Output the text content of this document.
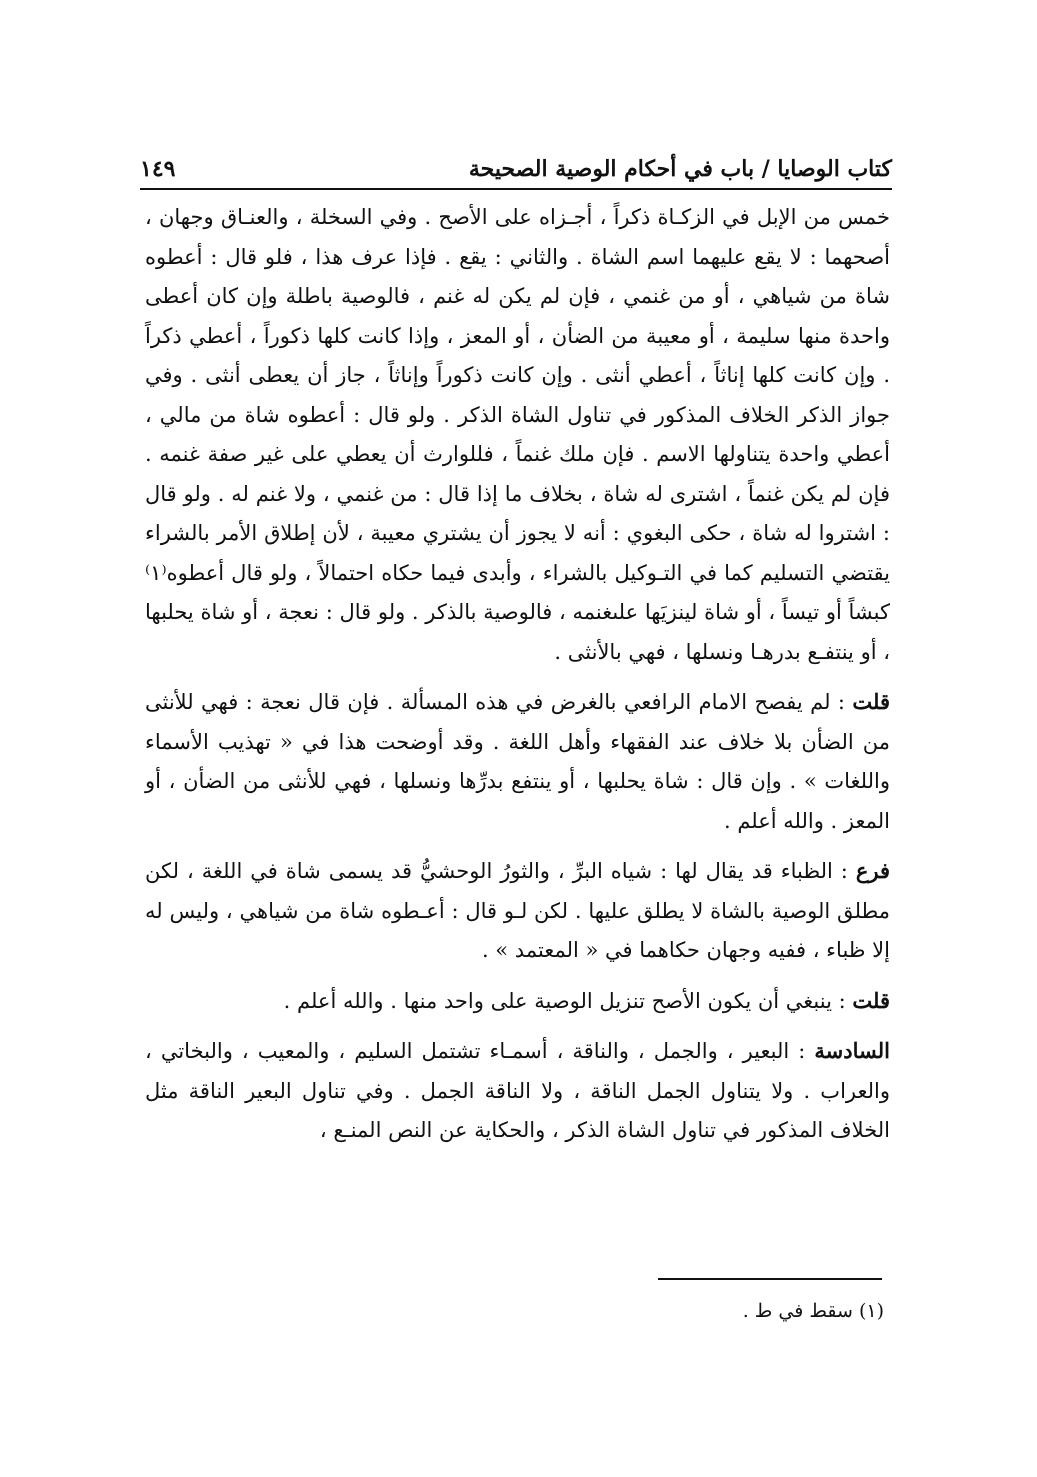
كتاب الوصايا / باب في أحكام الوصية الصحيحة
١٤٩

خمس من الإبل في الزكـاة ذكراً ، أجـزاه على الأصح . وفي السخلة ، والعنـاق وجهان ، أصحهما : لا يقع عليهما اسم الشاة . والثاني : يقع . فإذا عرف هذا ، فلو قال : أعطوه شاة من شياهي ، أو من غنمي ، فإن لم يكن له غنم ، فالوصية باطلة وإن كان أعطى واحدة منها سليمة ، أو معيبة من الضأن ، أو المعز ، وإذا كانت كلها ذكوراً ، أعطي ذكراً . وإن كانت كلها إناثاً ، أعطي أنثى . وإن كانت ذكوراً وإناثاً ، جاز أن يعطى أنثى . وفي جواز الذكر الخلاف المذكور في تناول الشاة الذكر . ولو قال : أعطوه شاة من مالي ، أعطي واحدة يتناولها الاسم . فإن ملك غنماً ، فللوارث أن يعطي على غير صفة غنمه . فإن لم يكن غنماً ، اشترى له شاة ، بخلاف ما إذا قال : من غنمي ، ولا غنم له . ولو قال : اشتروا له شاة ، حكى البغوي : أنه لا يجوز أن يشتري معيبة ، لأن إطلاق الأمر بالشراء يقتضي التسليم كما في التـوكيل بالشراء ، وأبدى فيما حكاه احتمالاً ، ولو قال أعطوه⁽١⁾ كبشاً أو تيساً ، أو شاة لينزيَها علىغنمه ، فالوصية بالذكر . ولو قال : نعجة ، أو شاة يحلبها ، أو ينتفـع بدرهـا ونسلها ، فهي بالأنثى .

قلت : لم يفصح الامام الرافعي بالغرض في هذه المسألة . فإن قال نعجة : فهي للأنثى من الضأن بلا خلاف عند الفقهاء وأهل اللغة . وقد أوضحت هذا في « تهذيب الأسماء واللغات » . وإن قال : شاة يحلبها ، أو ينتفع بدرِّها ونسلها ، فهي للأنثى من الضأن ، أو المعز . والله أعلم .

فرع : الظباء قد يقال لها : شياه البرِّ ، والثورُ الوحشيُّ قد يسمى شاة في اللغة ، لكن مطلق الوصية بالشاة لا يطلق عليها . لكن لـو قال : أعـطوه شاة من شياهي ، وليس له إلا ظباء ، ففيه وجهان حكاهما في « المعتمد » .

قلت : ينبغي أن يكون الأصح تنزيل الوصية على واحد منها . والله أعلم .

السادسة : البعير ، والجمل ، والناقة ، أسمـاء تشتمل السليم ، والمعيب ، والبخاتي ، والعراب . ولا يتناول الجمل الناقة ، ولا الناقة الجمل . وفي تناول البعير الناقة مثل الخلاف المذكور في تناول الشاة الذكر ، والحكاية عن النص المنـع ،

(١) سقط في ط .
